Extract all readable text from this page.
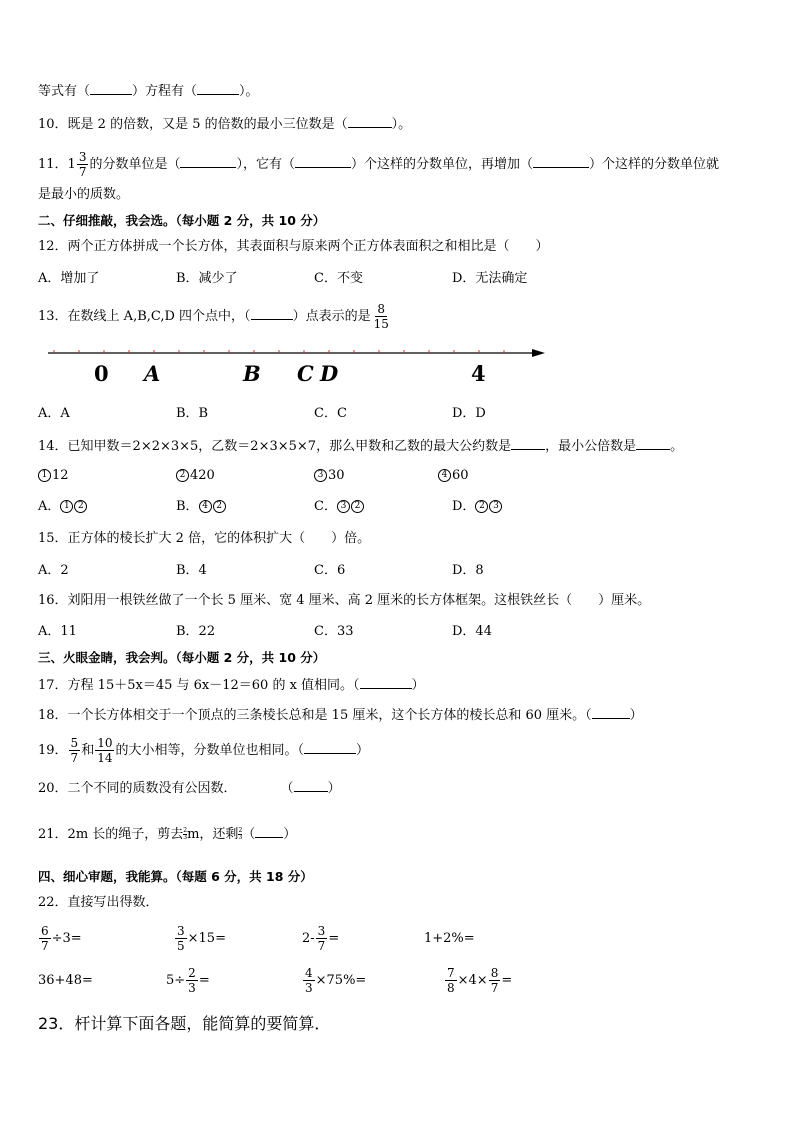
等式有（	）方程有（	）。
10．既是 2 的倍数，又是 5 的倍数的最小三位数是（	）。
11． $1 \frac{3}{7}$ 的分数单位是（	），它有（	）个这样的分数单位，再增加（	）个这样的分数单位就
是最小的质数。
二、仔细推敲，我会选。（每小题 2 分，共 10 分）
12．两个正方体拼成一个长方体，其表面积与原来两个正方体表面积之和相比是（　　）
A．增加了	B．减少了	C．不变	D．无法确定
13．在数线上 A,B,C,D 四个点中，（	）点表示的是 $\frac{8}{15}$
0 A	B C D	4
A．A	B．B	C．C	D．D
14．已知甲数＝2×2×3×5，乙数＝2×3×5×7，那么甲数和乙数的最大公约数是	，最小公倍数是	。
1 12	2 420	3 30	4 60
A． 1 2	B． 4 2	C． 3 2	D． 2 3
15．正方体的棱长扩大 2 倍，它的体积扩大（　　）倍。
A．2	B．4	C．6	D．8
16．刘阳用一根铁丝做了一个长 5 厘米、宽 4 厘米、高 2 厘米的长方体框架。这根铁丝长（　　）厘米。
A．11	B．22	C．33	D．44
三、火眼金睛，我会判。（每小题 2 分，共 10 分）
17．方程 15＋5x＝45 与 6x－12＝60 的 x 值相同。（	）
18．一个长方体相交于一个顶点的三条棱长总和是 15 厘米，这个长方体的棱长总和 60 厘米。（	）
19． $\frac{5}{7}$ 和 $\frac{10}{14}$ 的大小相等，分数单位也相同。（	）
20．二个不同的质数没有公因数．	（	）
21．2m 长的绳子，剪去 $\frac{2}{3}$ m，还剩 $\frac{2}{3}$ （ ）
四、细心审题，我能算。（每题 6 分，共 18 分）
22．直接写出得数．
$\frac{6}{7} \div 3=$	$\frac{3}{5} \times 15=$	$2- \frac{3}{7}$ =	1+2%=
36+48=	$5\div \frac{2}{3}$ =	$\frac{4}{3} \times 75\%=$	$\frac{7}{8} \times 4\times \frac{8}{7}$ =
23．杆计算下面各题，能简算的要简算．
